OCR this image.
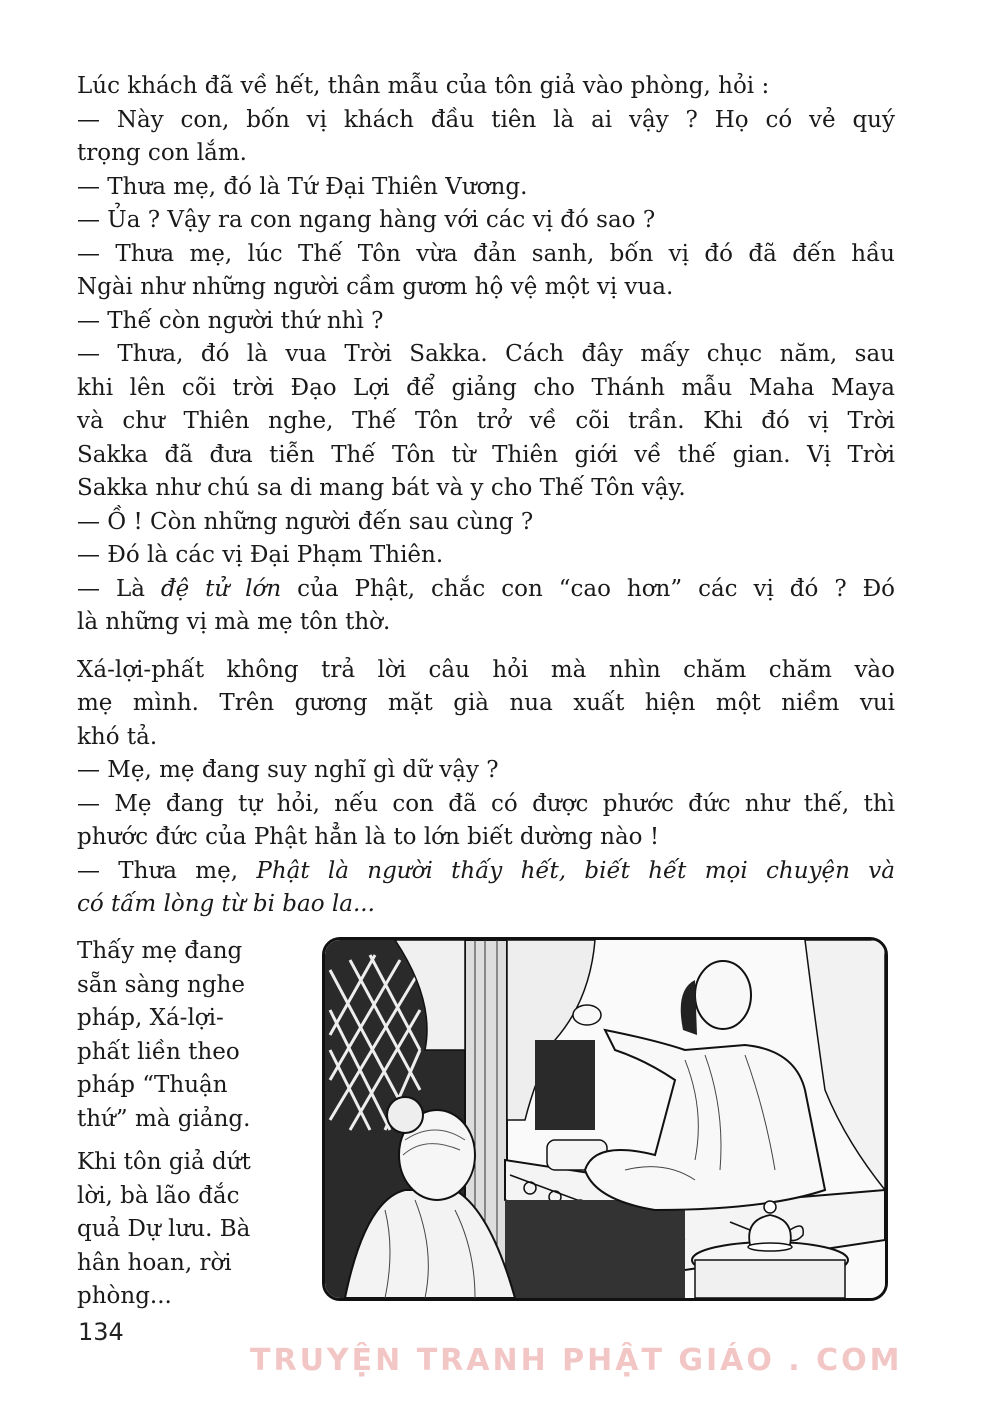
Lúc khách đã về hết, thân mẫu của tôn giả vào phòng, hỏi :
— Này con, bốn vị khách đầu tiên là ai vậy ? Họ có vẻ quý
trọng con lắm.
— Thưa mẹ, đó là Tứ Đại Thiên Vương.
— Ủa ? Vậy ra con ngang hàng với các vị đó sao ?
— Thưa mẹ, lúc Thế Tôn vừa đản sanh, bốn vị đó đã đến hầu
Ngài như những người cầm gươm hộ vệ một vị vua.
— Thế còn người thứ nhì ?
— Thưa, đó là vua Trời Sakka. Cách đây mấy chục năm, sau
khi lên cõi trời Đạo Lợi để giảng cho Thánh mẫu Maha Maya
và chư Thiên nghe, Thế Tôn trở về cõi trần. Khi đó vị Trời
Sakka đã đưa tiễn Thế Tôn từ Thiên giới về thế gian. Vị Trời
Sakka như chú sa di mang bát và y cho Thế Tôn vậy.
— Ồ ! Còn những người đến sau cùng ?
— Đó là các vị Đại Phạm Thiên.
— Là đệ tử lớn của Phật, chắc con “cao hơn” các vị đó ? Đó
là những vị mà mẹ tôn thờ.
Xá-lợi-phất không trả lời câu hỏi mà nhìn chăm chăm vào
mẹ mình. Trên gương mặt già nua xuất hiện một niềm vui
khó tả.
— Mẹ, mẹ đang suy nghĩ gì dữ vậy ?
— Mẹ đang tự hỏi, nếu con đã có được phước đức như thế, thì
phước đức của Phật hẳn là to lớn biết dường nào !
— Thưa mẹ, Phật là người thấy hết, biết hết mọi chuyện và
có tấm lòng từ bi bao la...
Thấy mẹ đang
sẵn sàng nghe
pháp, Xá-lợi-
phất liền theo
pháp “Thuận
thứ” mà giảng.
Khi tôn giả dứt
lời, bà lão đắc
quả Dự lưu. Bà
hân hoan, rời
phòng...
134
TRUYỆN TRANH PHẬT GIÁO . COM
